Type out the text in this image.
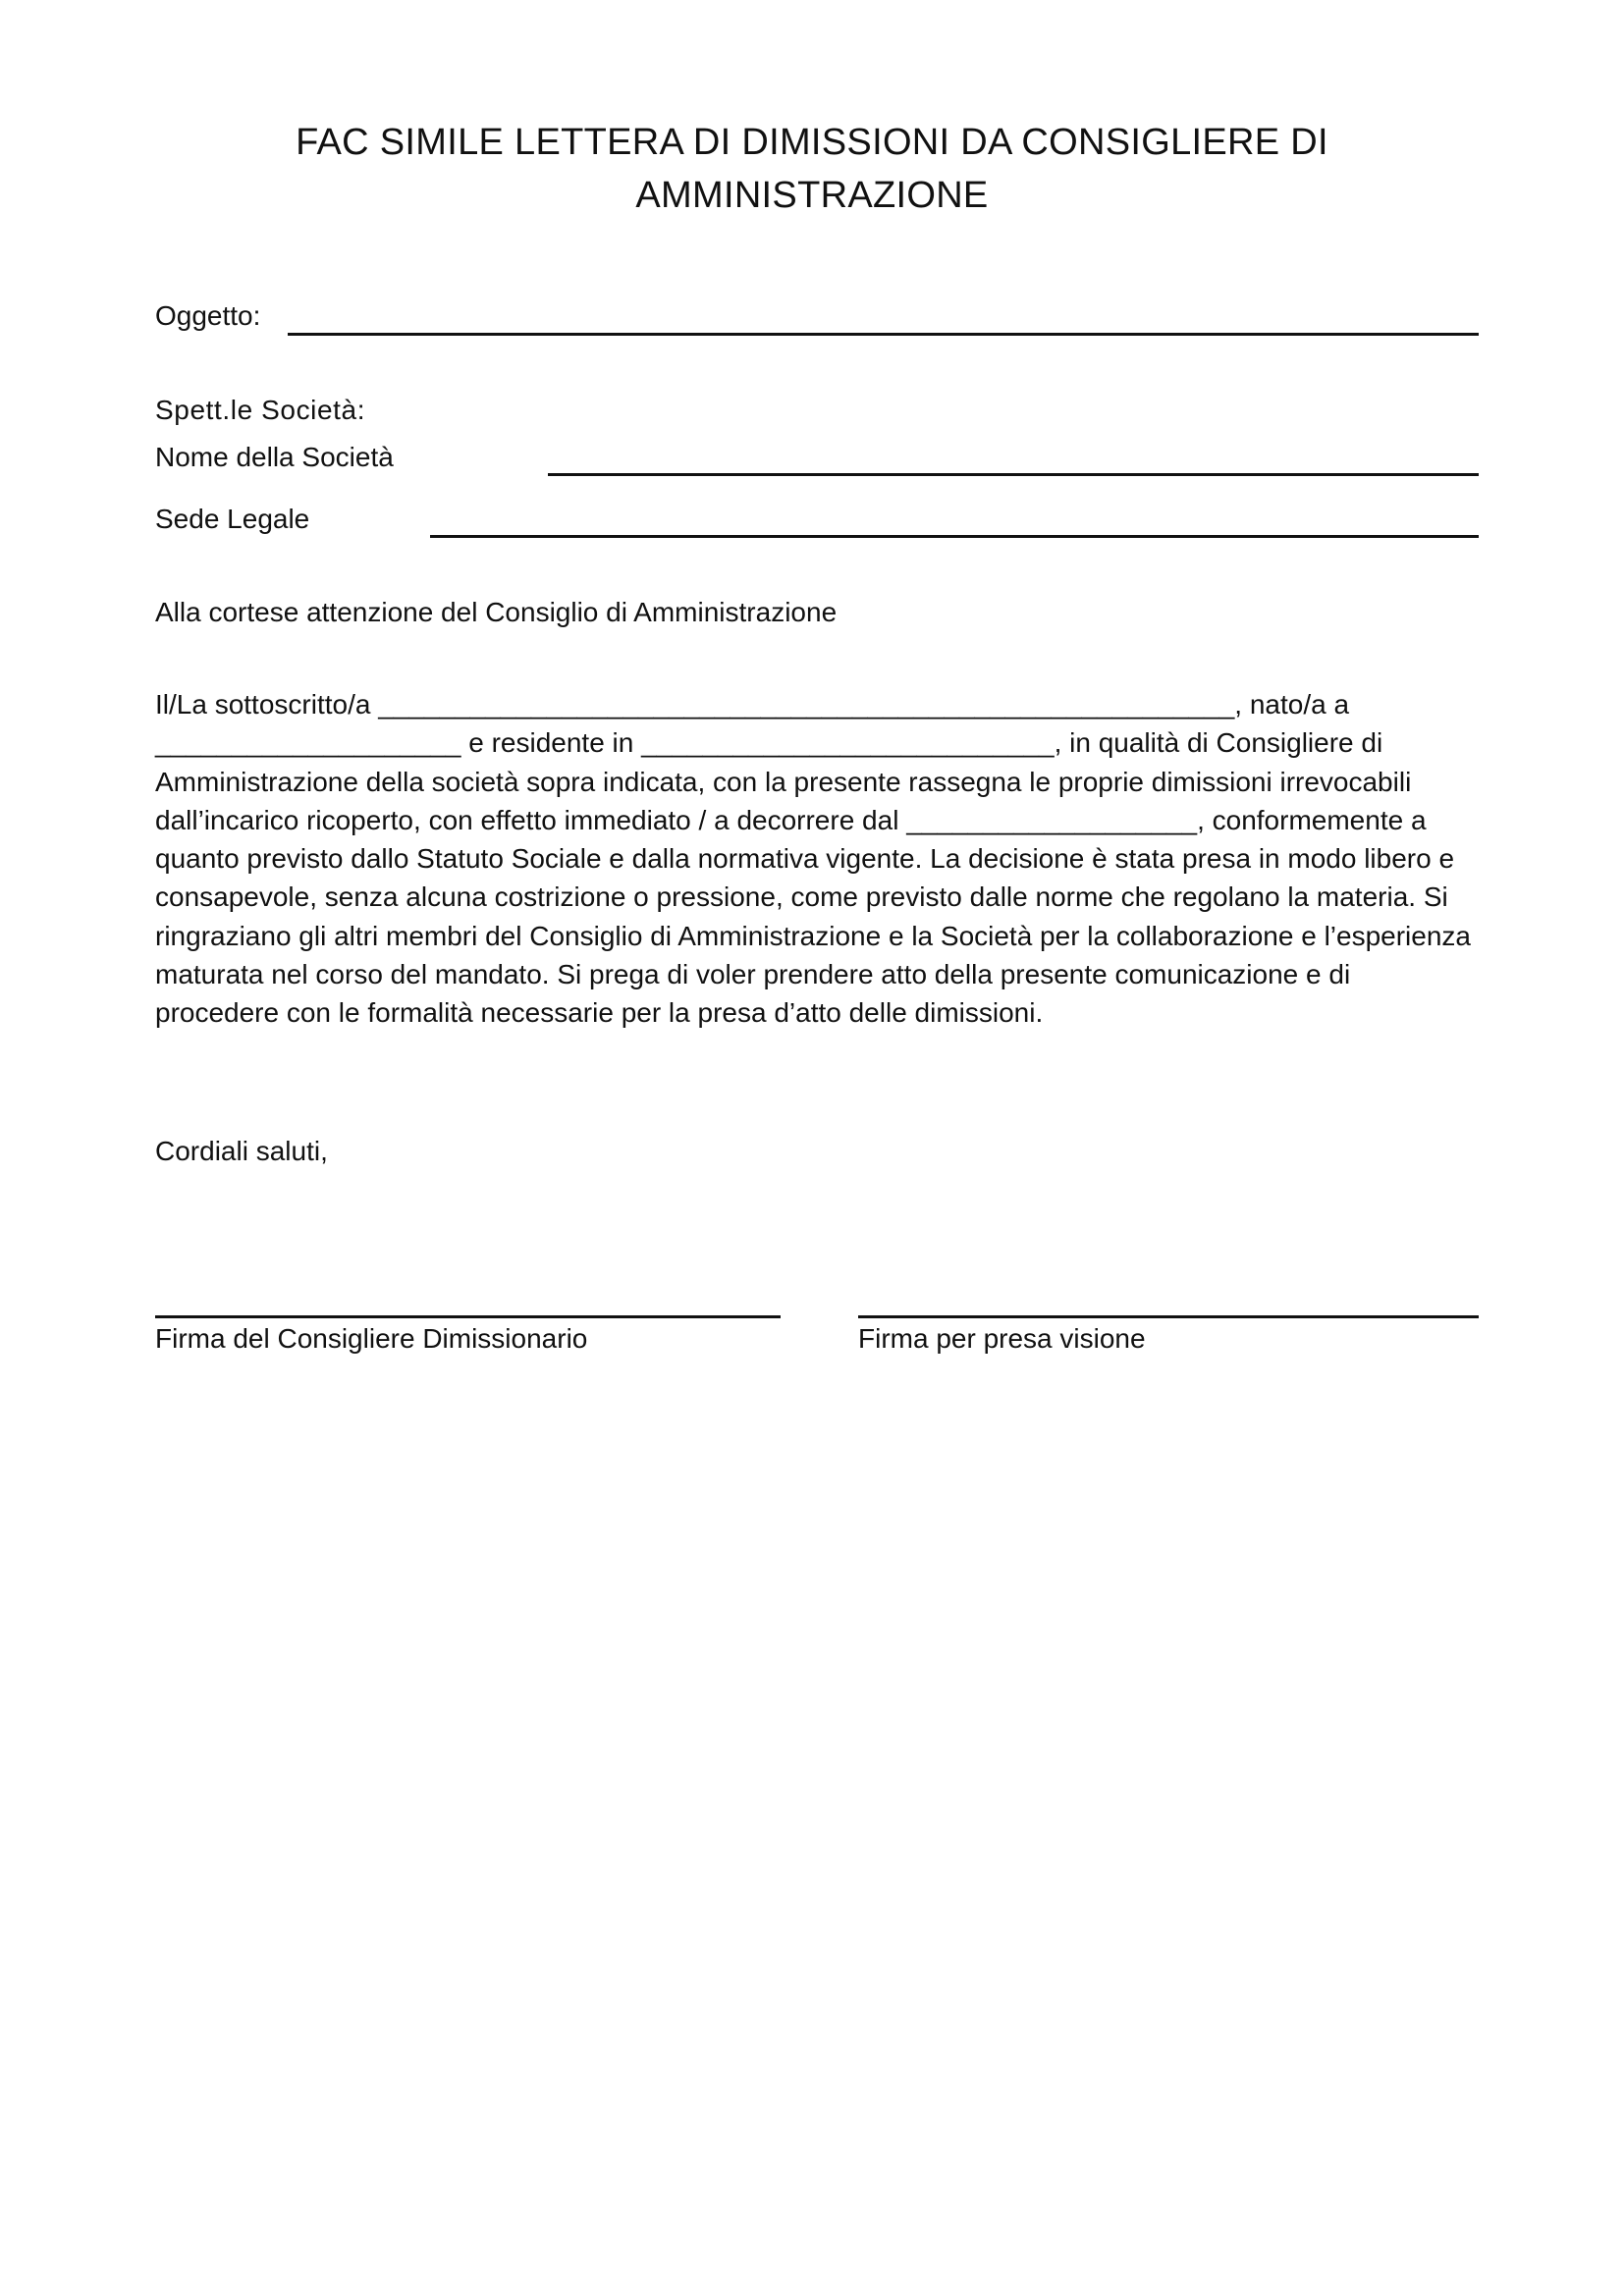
FAC SIMILE LETTERA DI DIMISSIONI DA CONSIGLIERE DI
AMMINISTRAZIONE
Oggetto:
Spett.le Società:
Nome della Società
Sede Legale
Alla cortese attenzione del Consiglio di Amministrazione

Il/La sottoscritto/a ________________________________________________________, nato/a a
____________________ e residente in ___________________________, in qualità di Consigliere di
Amministrazione della società sopra indicata, con la presente rassegna le proprie dimissioni irrevocabili
dall’incarico ricoperto, con effetto immediato / a decorrere dal ___________________, conformemente a
quanto previsto dallo Statuto Sociale e dalla normativa vigente. La decisione è stata presa in modo libero e
consapevole, senza alcuna costrizione o pressione, come previsto dalle norme che regolano la materia. Si
ringraziano gli altri membri del Consiglio di Amministrazione e la Società per la collaborazione e l’esperienza
maturata nel corso del mandato. Si prega di voler prendere atto della presente comunicazione e di
procedere con le formalità necessarie per la presa d’atto delle dimissioni.

Cordiali saluti,
Firma del Consigliere Dimissionario	Firma per presa visione
